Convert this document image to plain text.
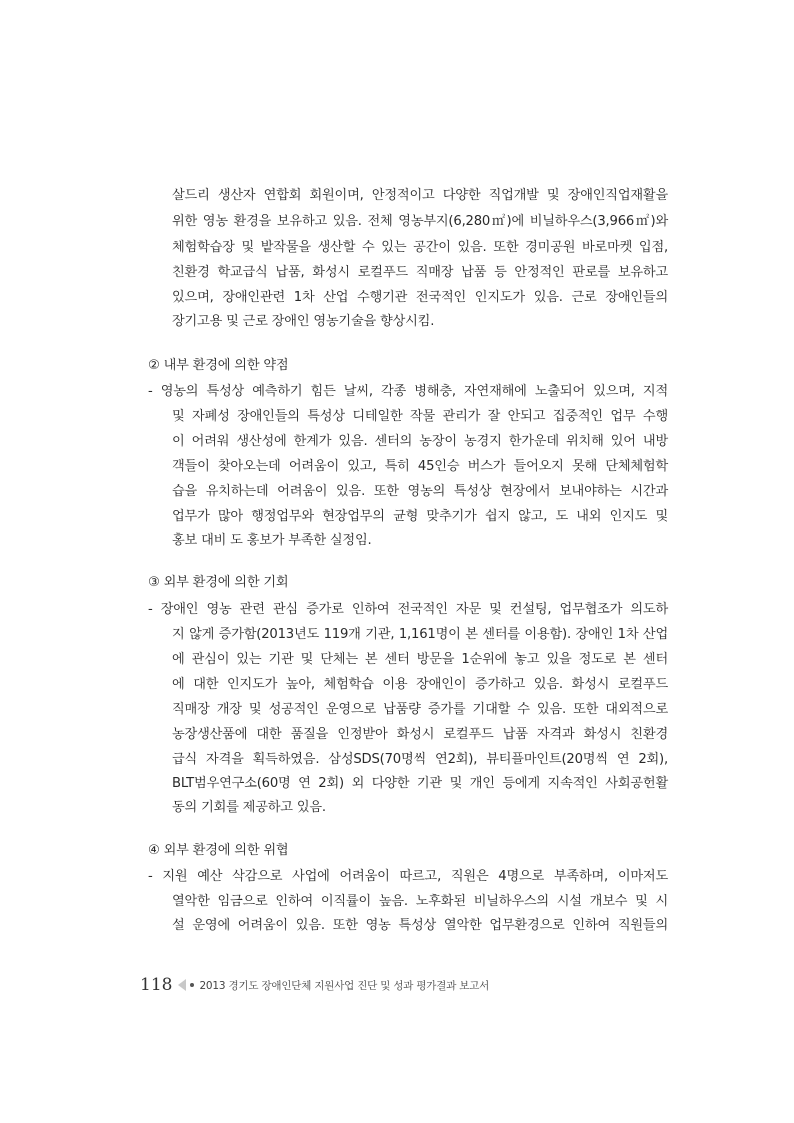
살드리 생산자 연합회 회원이며, 안정적이고 다양한 직업개발 및 장애인직업재활을
위한 영농 환경을 보유하고 있음. 전체 영농부지(6,280㎡)에 비닐하우스(3,966㎡)와
체험학습장 및 밭작물을 생산할 수 있는 공간이 있음. 또한 경미공원 바로마켓 입점,
친환경 학교급식 납품, 화성시 로컬푸드 직매장 납품 등 안정적인 판로를 보유하고
있으며, 장애인관련 1차 산업 수행기관 전국적인 인지도가 있음. 근로 장애인들의
장기고용 및 근로 장애인 영농기술을 향상시킴.
② 내부 환경에 의한 약점
- 영농의 특성상 예측하기 힘든 날씨, 각종 병해충, 자연재해에 노출되어 있으며, 지적
및 자폐성 장애인들의 특성상 디테일한 작물 관리가 잘 안되고 집중적인 업무 수행
이 어려워 생산성에 한계가 있음. 센터의 농장이 농경지 한가운데 위치해 있어 내방
객들이 찾아오는데 어려움이 있고, 특히 45인승 버스가 들어오지 못해 단체체험학
습을 유치하는데 어려움이 있음. 또한 영농의 특성상 현장에서 보내야하는 시간과
업무가 많아 행정업무와 현장업무의 균형 맞추기가 쉽지 않고, 도 내외 인지도 및
홍보 대비 도 홍보가 부족한 실정임.
③ 외부 환경에 의한 기회
- 장애인 영농 관련 관심 증가로 인하여 전국적인 자문 및 컨설팅, 업무협조가 의도하
지 않게 증가함(2013년도 119개 기관, 1,161명이 본 센터를 이용함). 장애인 1차 산업
에 관심이 있는 기관 및 단체는 본 센터 방문을 1순위에 놓고 있을 정도로 본 센터
에 대한 인지도가 높아, 체험학습 이용 장애인이 증가하고 있음. 화성시 로컬푸드
직매장 개장 및 성공적인 운영으로 납품량 증가를 기대할 수 있음. 또한 대외적으로
농장생산품에 대한 품질을 인정받아 화성시 로컬푸드 납품 자격과 화성시 친환경
급식 자격을 획득하였음. 삼성SDS(70명씩 연2회), 뷰티플마인트(20명씩 연 2회),
BLT범우연구소(60명 연 2회) 외 다양한 기관 및 개인 등에게 지속적인 사회공헌활
동의 기회를 제공하고 있음.
④ 외부 환경에 의한 위협
- 지원 예산 삭감으로 사업에 어려움이 따르고, 직원은 4명으로 부족하며, 이마저도
열악한 임금으로 인하여 이직률이 높음. 노후화된 비닐하우스의 시설 개보수 및 시
설 운영에 어려움이 있음. 또한 영농 특성상 열악한 업무환경으로 인하여 직원들의
118	2013 경기도 장애인단체 지원사업 진단 및 성과 평가결과 보고서
